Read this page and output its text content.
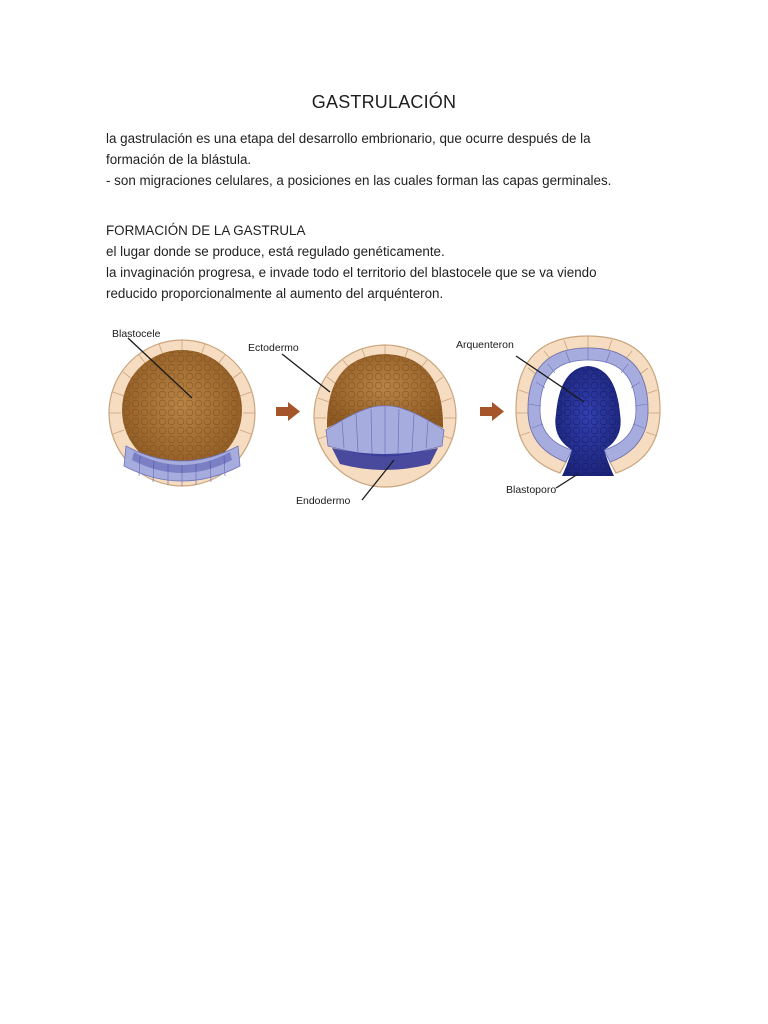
GASTRULACIÓN

la gastrulación es una etapa del desarrollo embrionario, que ocurre después de la

formación de la blástula.

- son migraciones celulares, a posiciones en las cuales forman las capas germinales.

FORMACIÓN DE LA GASTRULA

el lugar donde se produce, está regulado genéticamente.

la invaginación progresa, e invade todo el territorio del blastocele que se va viendo

reducido proporcionalmente al aumento del arquénteron.

Blastocele
Ectodermo
Endodermo
Arquenteron
Blastoporo
